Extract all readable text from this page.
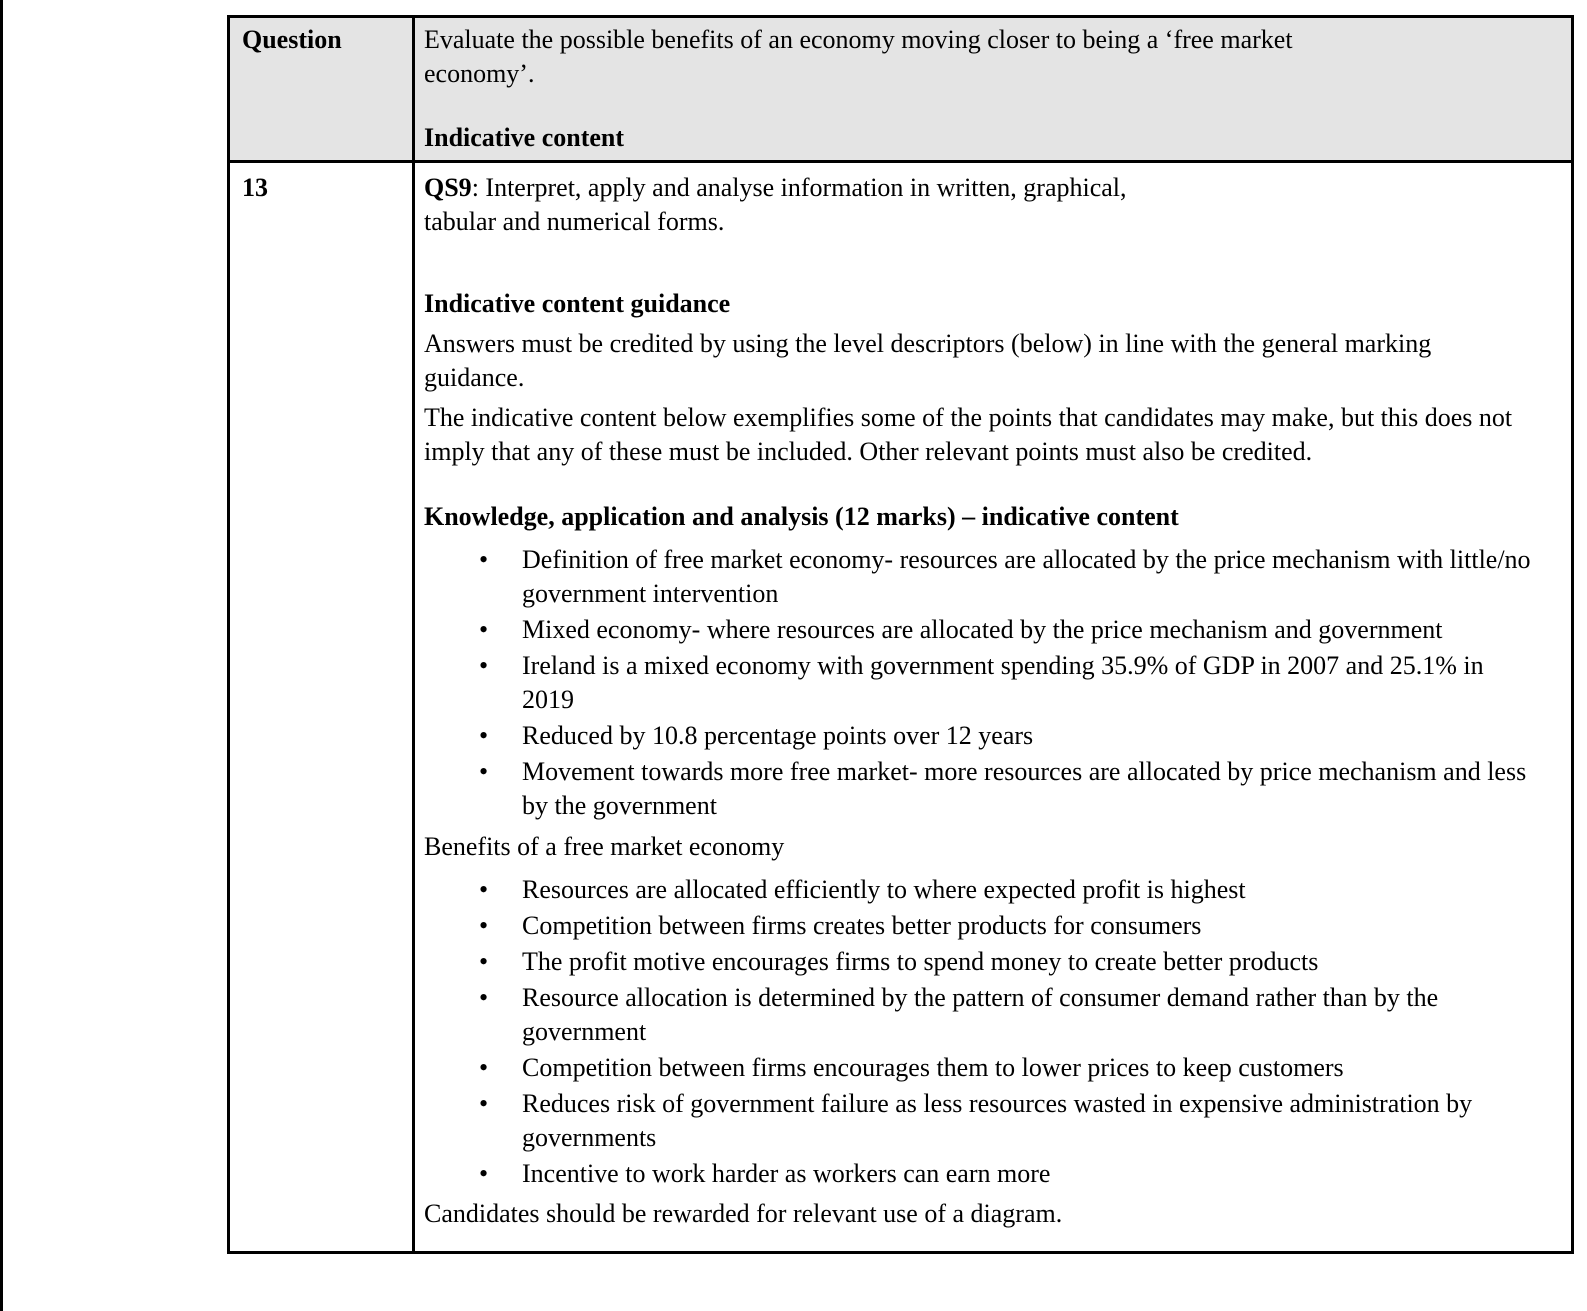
Question	Evaluate the possible benefits of an economy moving closer to being a ‘free market
economy’.
Indicative content

13	QS9: Interpret, apply and analyse information in written, graphical,
tabular and numerical forms.
Indicative content guidance
Answers must be credited by using the level descriptors (below) in line with the general marking guidance.
The indicative content below exemplifies some of the points that candidates may make, but this does not imply that any of these must be included. Other relevant points must also be credited.
Knowledge, application and analysis (12 marks) – indicative content
• Definition of free market economy- resources are allocated by the price mechanism with little/no government intervention
• Mixed economy- where resources are allocated by the price mechanism and government
• Ireland is a mixed economy with government spending 35.9% of GDP in 2007 and 25.1% in 2019
• Reduced by 10.8 percentage points over 12 years
• Movement towards more free market- more resources are allocated by price mechanism and less by the government
Benefits of a free market economy
• Resources are allocated efficiently to where expected profit is highest
• Competition between firms creates better products for consumers
• The profit motive encourages firms to spend money to create better products
• Resource allocation is determined by the pattern of consumer demand rather than by the government
• Competition between firms encourages them to lower prices to keep customers
• Reduces risk of government failure as less resources wasted in expensive administration by governments
• Incentive to work harder as workers can earn more
Candidates should be rewarded for relevant use of a diagram.
